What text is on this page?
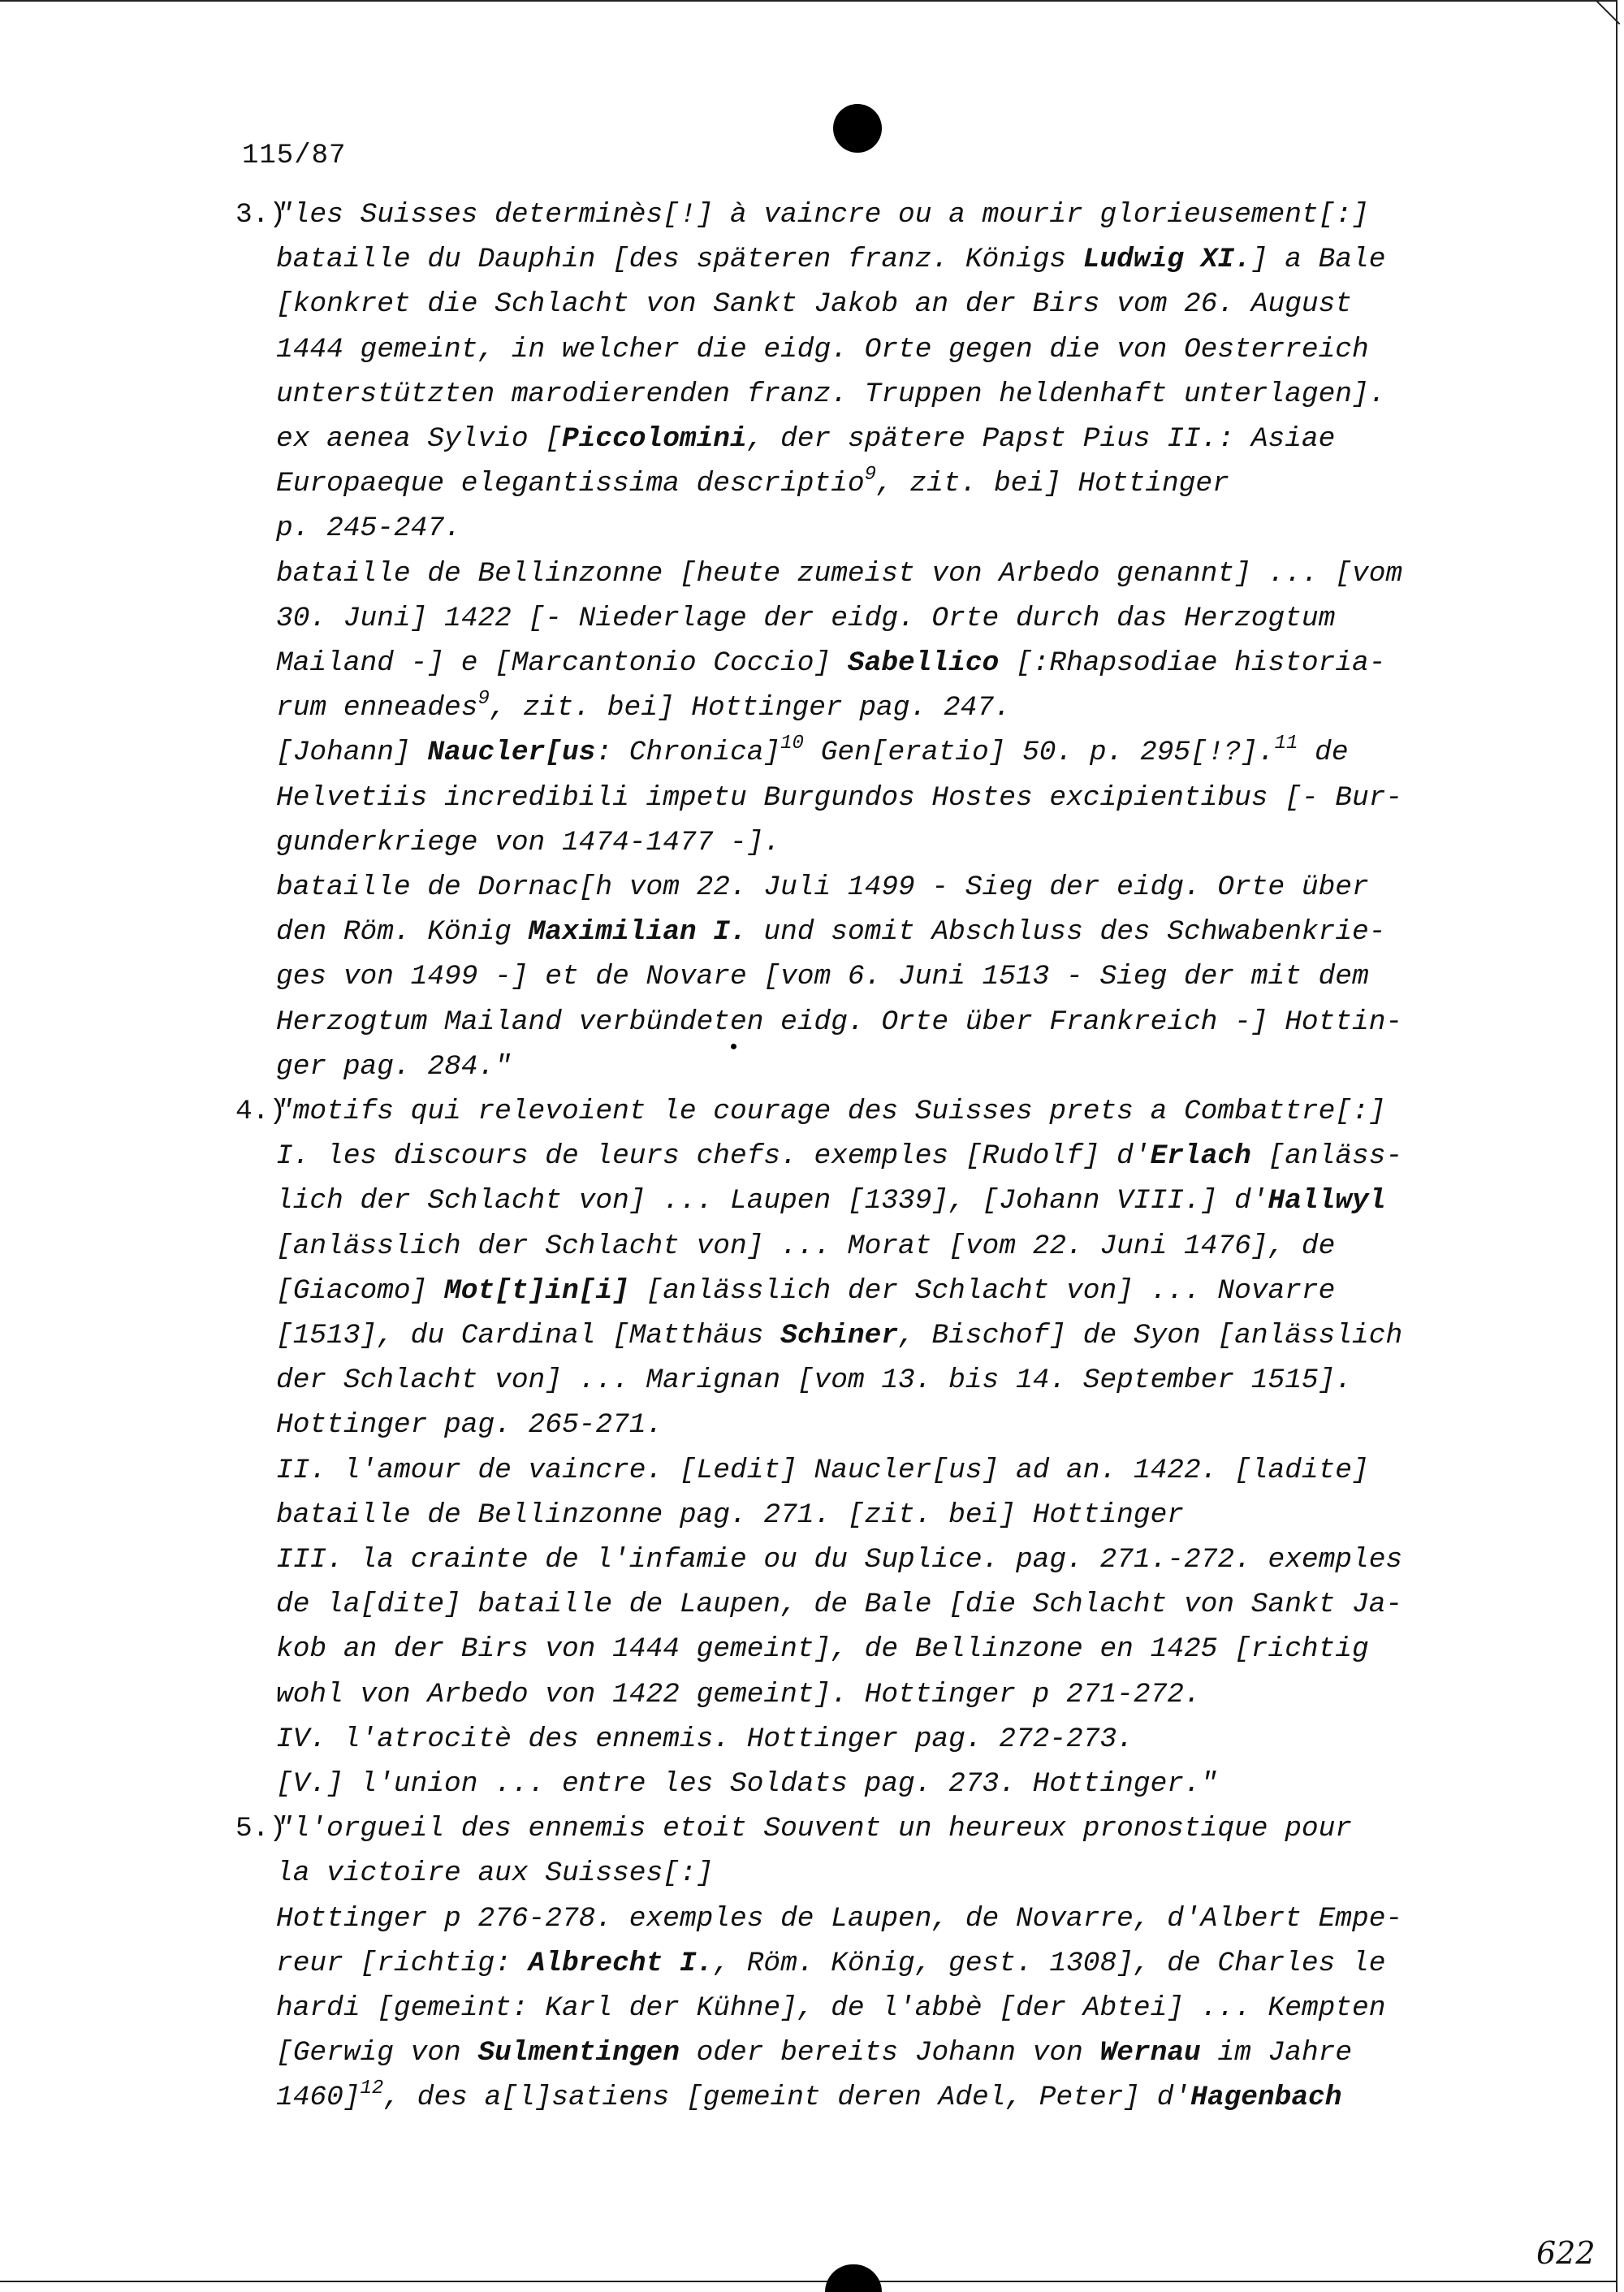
115/87
622
3.)
"les Suisses determinès[!] à vaincre ou a mourir glorieusement[:]
bataille du Dauphin [des späteren franz. Königs Ludwig XI.] a Bale
[konkret die Schlacht von Sankt Jakob an der Birs vom 26. August
1444 gemeint, in welcher die eidg. Orte gegen die von Oesterreich
unterstützten marodierenden franz. Truppen heldenhaft unterlagen].
ex aenea Sylvio [Piccolomini, der spätere Papst Pius II.: Asiae
Europaeque elegantissima descriptio$^9$, zit. bei] Hottinger
p. 245-247.
bataille de Bellinzonne [heute zumeist von Arbedo genannt] ... [vom
30. Juni] 1422 [- Niederlage der eidg. Orte durch das Herzogtum
Mailand -] e [Marcantonio Coccio] Sabellico [:Rhapsodiae historia-
rum enneades$^9$, zit. bei] Hottinger pag. 247.
[Johann] Naucler[us: Chronica]$^{10}$ Gen[eratio] 50. p. 295[!?].$^{11}$ de
Helvetiis incredibili impetu Burgundos Hostes excipientibus [- Bur-
gunderkriege von 1474-1477 -].
bataille de Dornac[h vom 22. Juli 1499 - Sieg der eidg. Orte über
den Röm. König Maximilian I. und somit Abschluss des Schwabenkrie-
ges von 1499 -] et de Novare [vom 6. Juni 1513 - Sieg der mit dem
Herzogtum Mailand verbündeten eidg. Orte über Frankreich -] Hottin-
ger pag. 284."
4.)
"motifs qui relevoient le courage des Suisses prets a Combattre[:]
I. les discours de leurs chefs. exemples [Rudolf] d'Erlach [anläss-
lich der Schlacht von] ... Laupen [1339], [Johann VIII.] d'Hallwyl
[anlässlich der Schlacht von] ... Morat [vom 22. Juni 1476], de
[Giacomo] Mot[t]in[i] [anlässlich der Schlacht von] ... Novarre
[1513], du Cardinal [Matthäus Schiner, Bischof] de Syon [anlässlich
der Schlacht von] ... Marignan [vom 13. bis 14. September 1515].
Hottinger pag. 265-271.
II. l'amour de vaincre. [Ledit] Naucler[us] ad an. 1422. [ladite]
bataille de Bellinzonne pag. 271. [zit. bei] Hottinger
III. la crainte de l'infamie ou du Suplice. pag. 271.-272. exemples
de la[dite] bataille de Laupen, de Bale [die Schlacht von Sankt Ja-
kob an der Birs von 1444 gemeint], de Bellinzone en 1425 [richtig
wohl von Arbedo von 1422 gemeint]. Hottinger p 271-272.
IV. l'atrocitè des ennemis. Hottinger pag. 272-273.
[V.] l'union ... entre les Soldats pag. 273. Hottinger."
5.)
"l'orgueil des ennemis etoit Souvent un heureux pronostique pour
la victoire aux Suisses[:]
Hottinger p 276-278. exemples de Laupen, de Novarre, d'Albert Empe-
reur [richtig: Albrecht I., Röm. König, gest. 1308], de Charles le
hardi [gemeint: Karl der Kühne], de l'abbè [der Abtei] ... Kempten
[Gerwig von Sulmentingen oder bereits Johann von Wernau im Jahre
1460]$^{12}$, des a[l]satiens [gemeint deren Adel, Peter] d'Hagenbach
